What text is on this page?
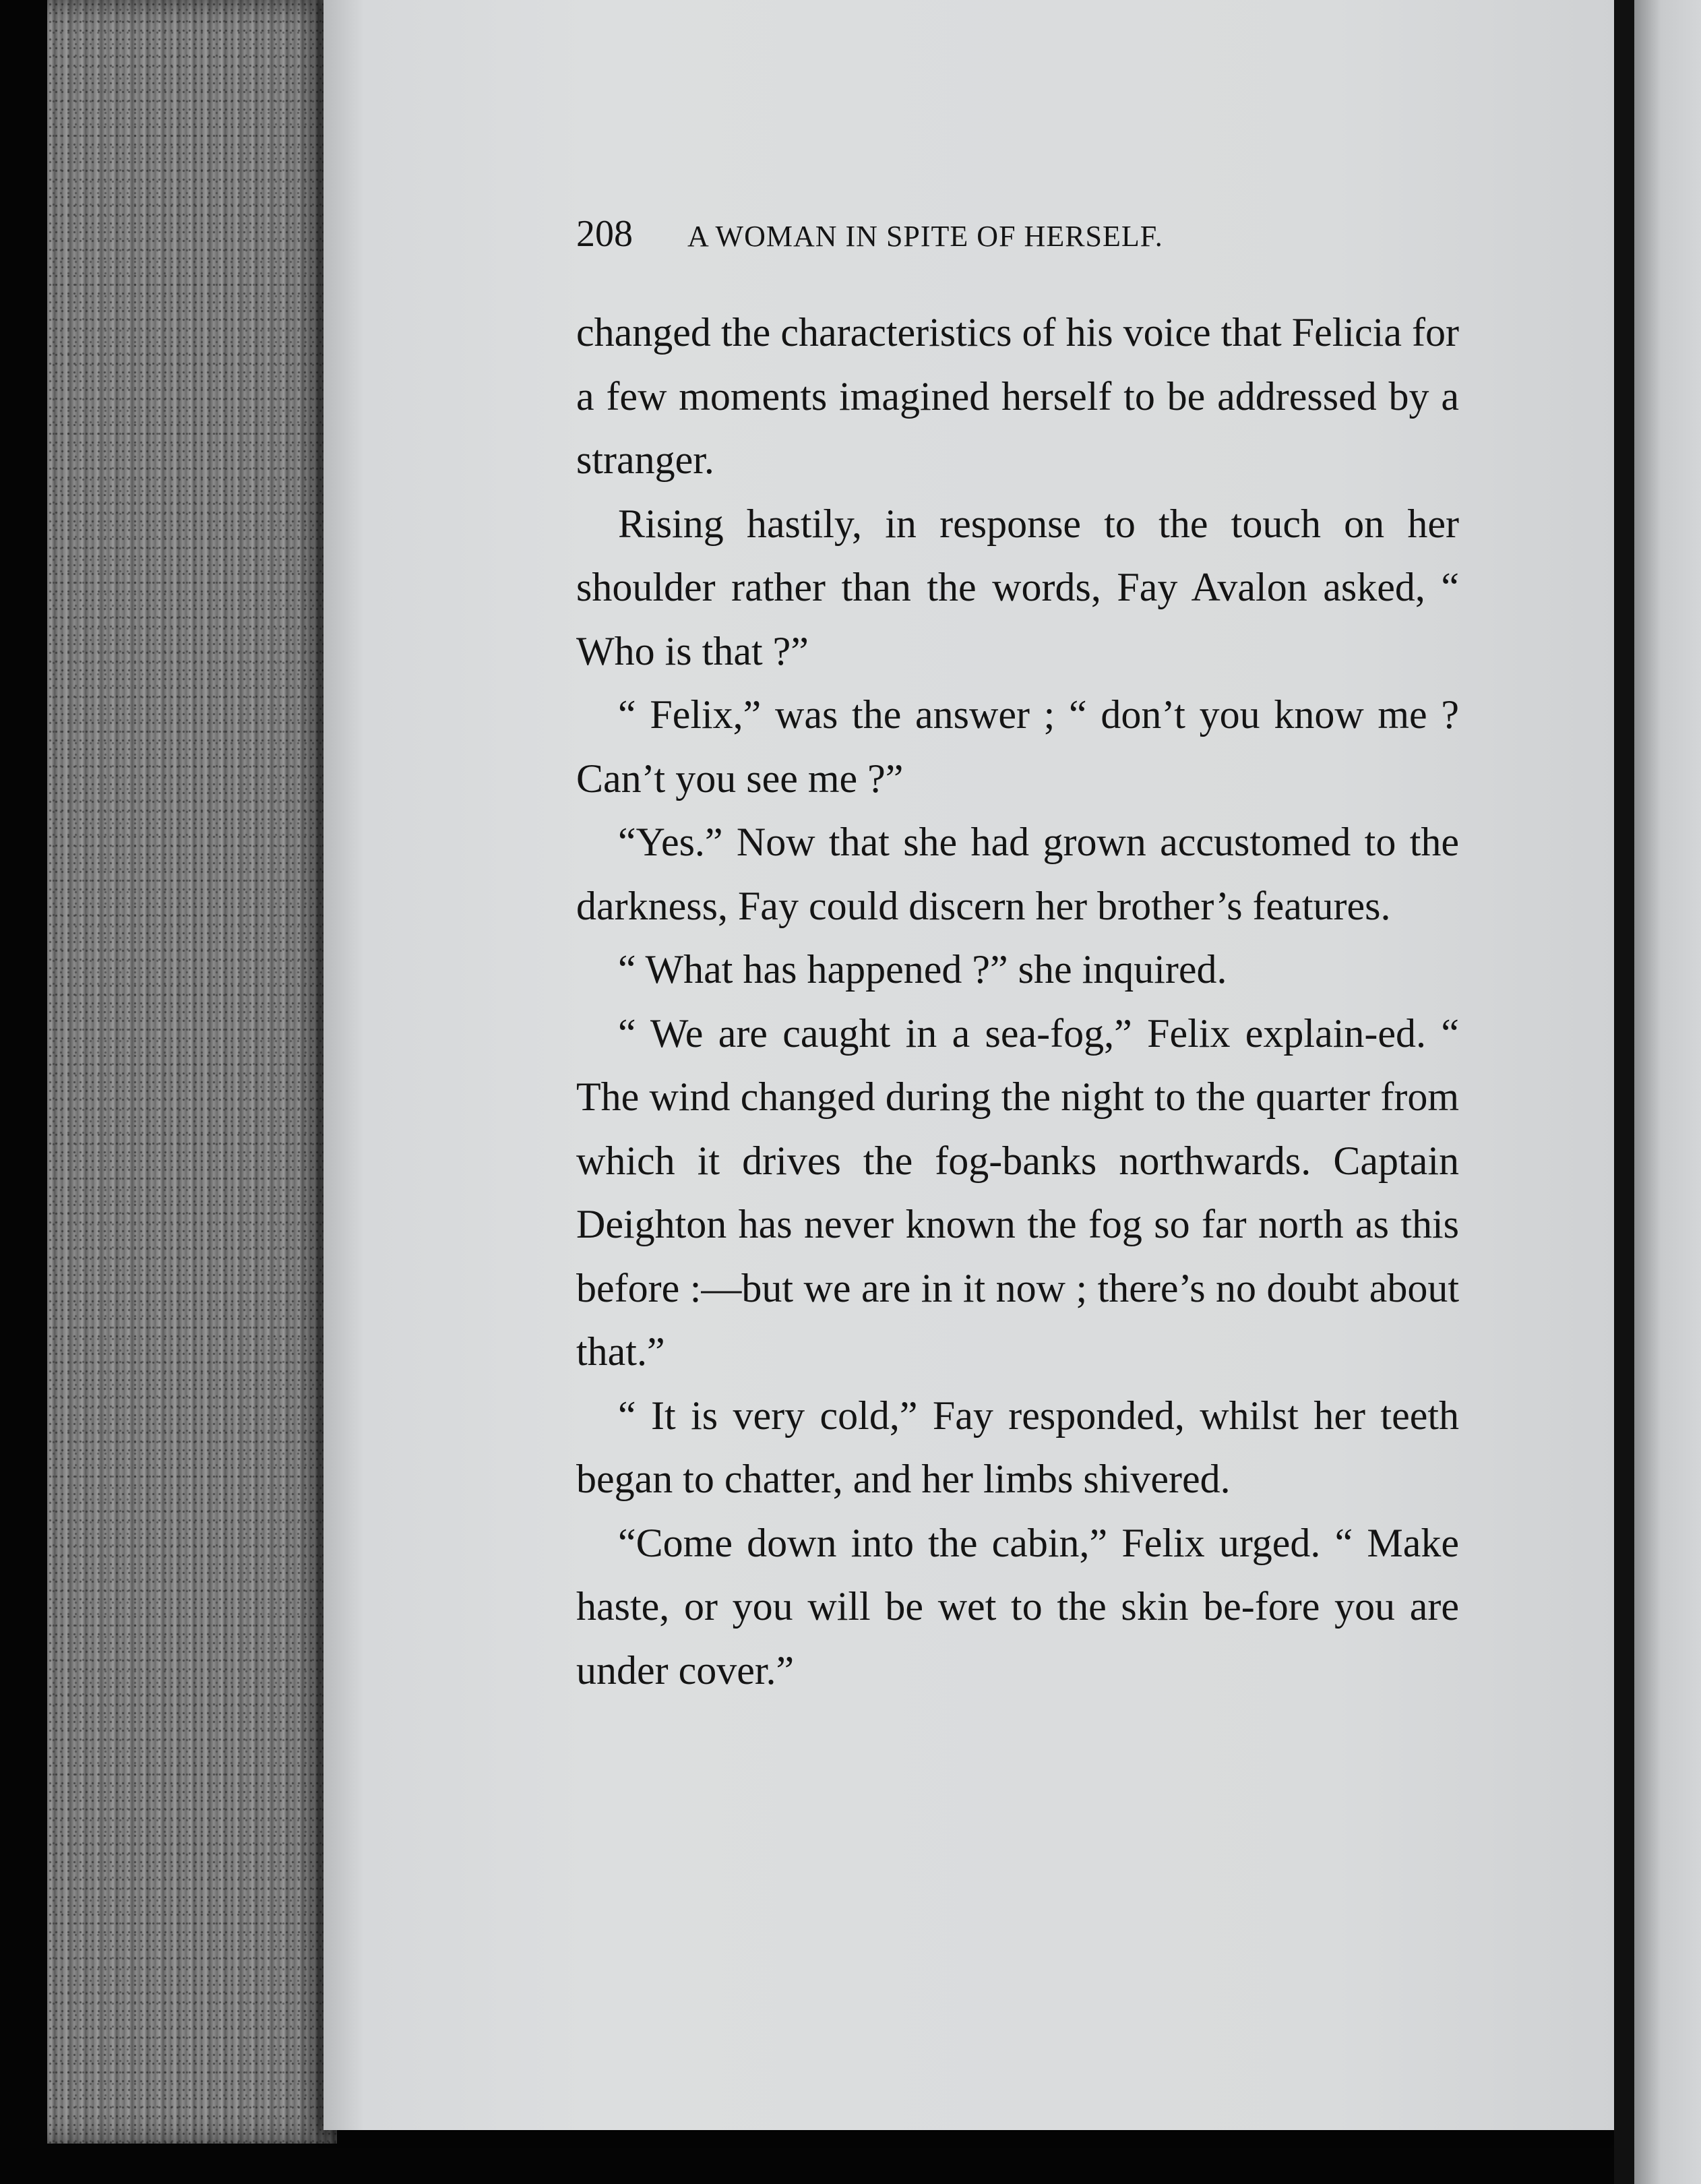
208 A WOMAN IN SPITE OF HERSELF.

changed the characteristics of his voice that Felicia for a few moments imagined herself to be addressed by a stranger.

Rising hastily, in response to the touch on her shoulder rather than the words, Fay Avalon asked, “ Who is that ?”

“ Felix,” was the answer ; “ don’t you know me ? Can’t you see me ?”

“Yes.” Now that she had grown accustomed to the darkness, Fay could discern her brother’s features.

“ What has happened ?” she inquired.

“ We are caught in a sea-fog,” Felix explain-ed. “ The wind changed during the night to the quarter from which it drives the fog-banks northwards. Captain Deighton has never known the fog so far north as this before :—but we are in it now ; there’s no doubt about that.”

“ It is very cold,” Fay responded, whilst her teeth began to chatter, and her limbs shivered.

“Come down into the cabin,” Felix urged. “ Make haste, or you will be wet to the skin be-fore you are under cover.”
